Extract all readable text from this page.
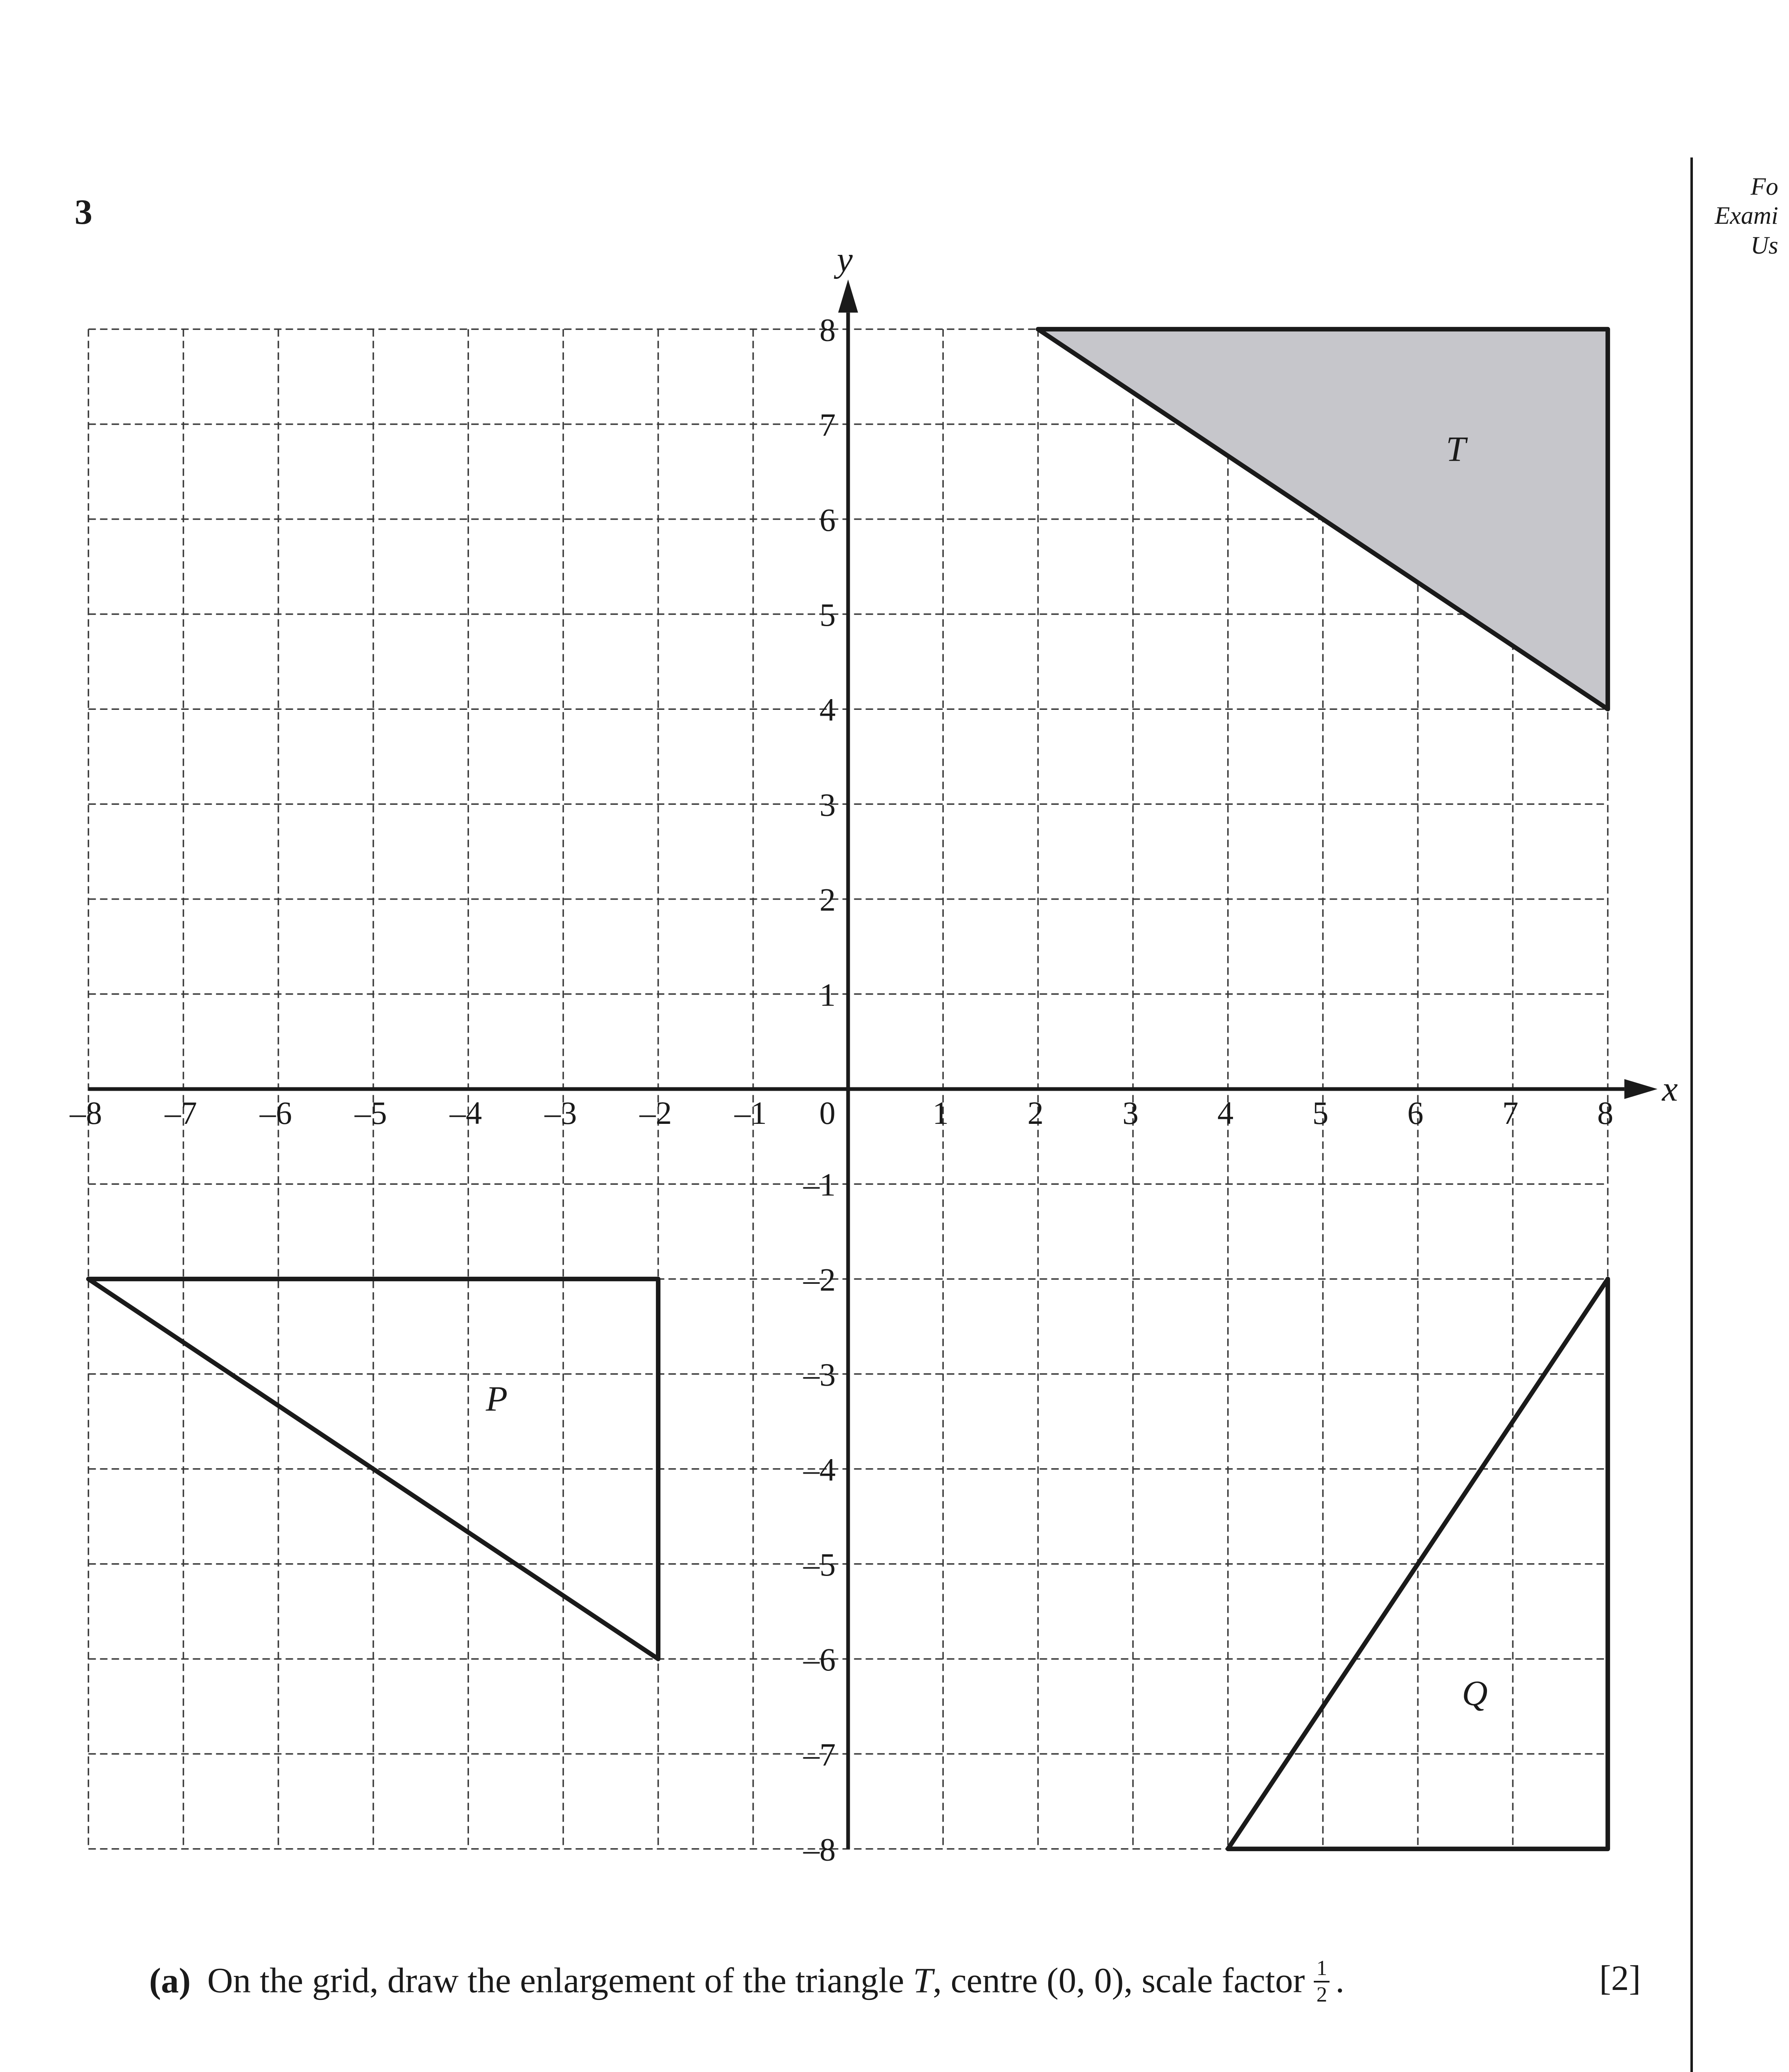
3
Fo
Exami
Us
T
P
Q
x
y
–8 –7 –6 –5 –4 –3 –2 –1	1 2 3 4 5 6 7 8
8
7
6
5
4
3
2
1
–1
–2
–3
–4
–5
–6
–7
–8
0
(a) On the grid, draw the enlargement of the triangle T, centre (0, 0), scale factor $\frac{1}{2}$ .	[2]
